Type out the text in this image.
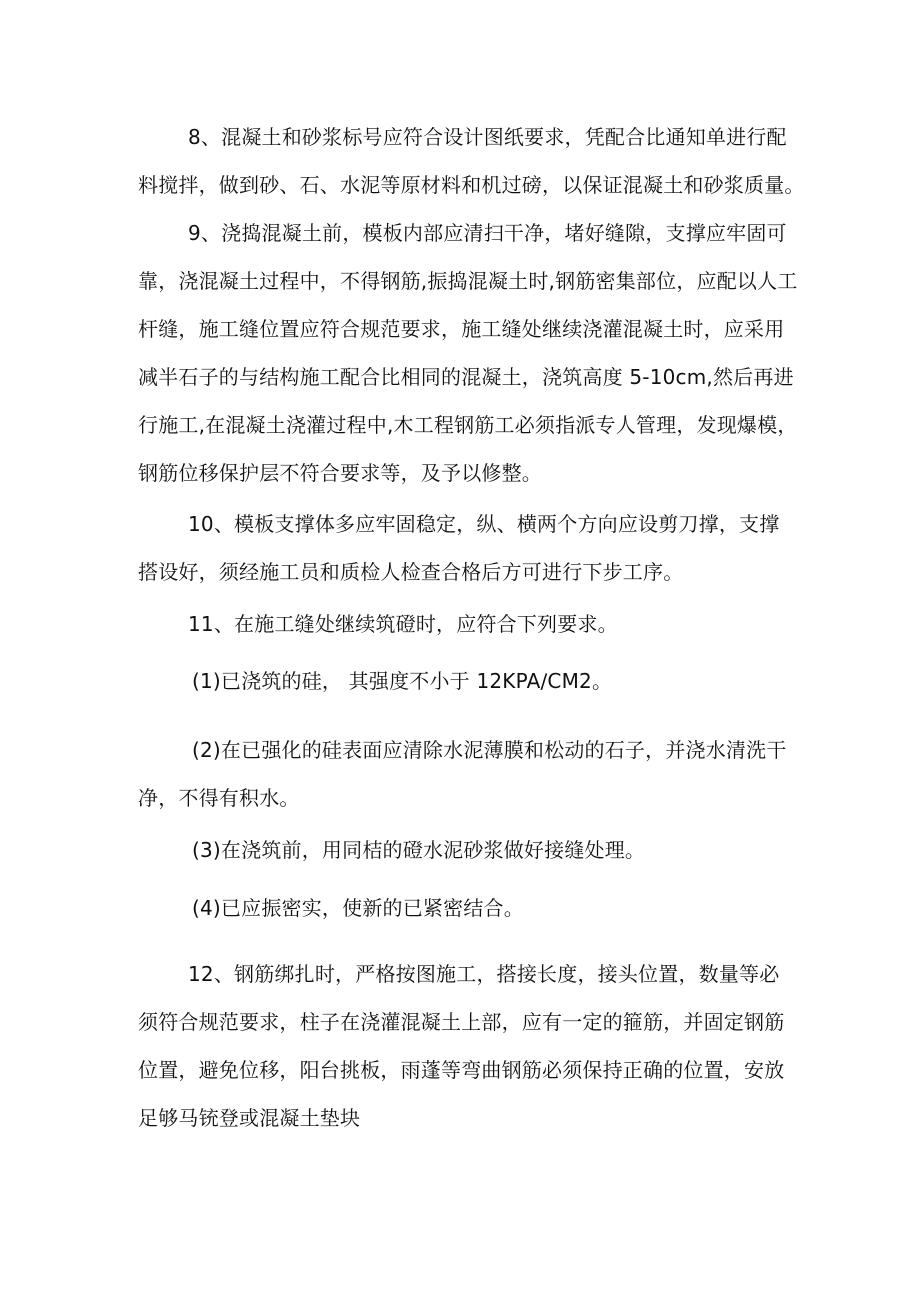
8、混凝土和砂浆标号应符合设计图纸要求，凭配合比通知单进行配
料搅拌，做到砂、石、水泥等原材料和机过磅，以保证混凝土和砂浆质量。
9、浇捣混凝土前，模板内部应清扫干净，堵好缝隙，支撑应牢固可
靠，浇混凝土过程中，不得钢筋,振捣混凝土时,钢筋密集部位，应配以人工
杆缝，施工缝位置应符合规范要求，施工缝处继续浇灌混凝土时，应采用
减半石子的与结构施工配合比相同的混凝土，浇筑高度 5-10cm,然后再进
行施工,在混凝土浇灌过程中,木工程钢筋工必须指派专人管理，发现爆模，
钢筋位移保护层不符合要求等，及予以修整。
10、模板支撑体多应牢固稳定，纵、横两个方向应设剪刀撑，支撑
搭设好，须经施工员和质检人检查合格后方可进行下步工序。
11、在施工缝处继续筑磴时，应符合下列要求。
(1)已浇筑的硅， 其强度不小于 12KPA∕CM2。
(2)在已强化的硅表面应清除水泥薄膜和松动的石子，并浇水清洗干
净，不得有积水。
(3)在浇筑前，用同桔的磴水泥砂浆做好接缝处理。
(4)已应振密实，使新的已紧密结合。
12、钢筋绑扎时，严格按图施工，搭接长度，接头位置，数量等必
须符合规范要求，柱子在浇灌混凝土上部，应有一定的箍筋，并固定钢筋
位置，避免位移，阳台挑板，雨蓬等弯曲钢筋必须保持正确的位置，安放
足够马铳登或混凝土垫块
